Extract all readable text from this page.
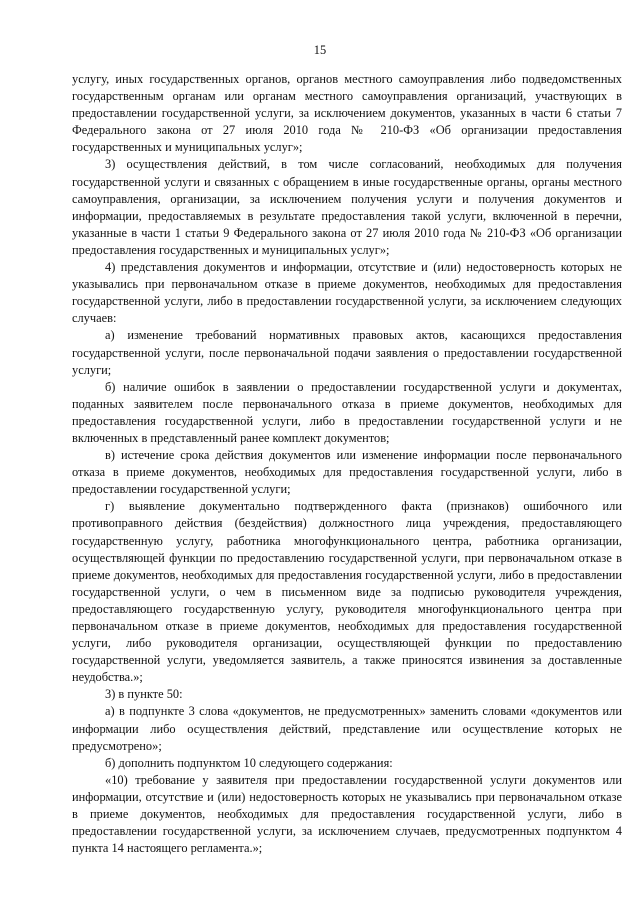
15

услугу, иных государственных органов, органов местного самоуправления либо подведомственных государственным органам или органам местного самоуправления организаций, участвующих в предоставлении государственной услуги, за исключением документов, указанных в части 6 статьи 7 Федерального закона от 27 июля 2010 года № 210-ФЗ «Об организации предоставления государственных и муниципальных услуг»;

3) осуществления действий, в том числе согласований, необходимых для получения государственной услуги и связанных с обращением в иные государственные органы, органы местного самоуправления, организации, за исключением получения услуги и получения документов и информации, предоставляемых в результате предоставления такой услуги, включенной в перечни, указанные в части 1 статьи 9 Федерального закона от 27 июля 2010 года № 210-ФЗ «Об организации предоставления государственных и муниципальных услуг»;

4) представления документов и информации, отсутствие и (или) недостоверность которых не указывались при первоначальном отказе в приеме документов, необходимых для предоставления государственной услуги, либо в предоставлении государственной услуги, за исключением следующих случаев:

а) изменение требований нормативных правовых актов, касающихся предоставления государственной услуги, после первоначальной подачи заявления о предоставлении государственной услуги;

б) наличие ошибок в заявлении о предоставлении государственной услуги и документах, поданных заявителем после первоначального отказа в приеме документов, необходимых для предоставления государственной услуги, либо в предоставлении государственной услуги и не включенных в представленный ранее комплект документов;

в) истечение срока действия документов или изменение информации после первоначального отказа в приеме документов, необходимых для предоставления государственной услуги, либо в предоставлении государственной услуги;

г) выявление документально подтвержденного факта (признаков) ошибочного или противоправного действия (бездействия) должностного лица учреждения, предоставляющего государственную услугу, работника многофункционального центра, работника организации, осуществляющей функции по предоставлению государственной услуги, при первоначальном отказе в приеме документов, необходимых для предоставления государственной услуги, либо в предоставлении государственной услуги, о чем в письменном виде за подписью руководителя учреждения, предоставляющего государственную услугу, руководителя многофункционального центра при первоначальном отказе в приеме документов, необходимых для предоставления государственной услуги, либо руководителя организации, осуществляющей функции по предоставлению государственной услуги, уведомляется заявитель, а также приносятся извинения за доставленные неудобства.»;

3) в пункте 50:

а) в подпункте 3 слова «документов, не предусмотренных» заменить словами «документов или информации либо осуществления действий, представление или осуществление которых не предусмотрено»;

б) дополнить подпунктом 10 следующего содержания:

«10) требование у заявителя при предоставлении государственной услуги документов или информации, отсутствие и (или) недостоверность которых не указывались при первоначальном отказе в приеме документов, необходимых для предоставления государственной услуги, либо в предоставлении государственной услуги, за исключением случаев, предусмотренных подпунктом 4 пункта 14 настоящего регламента.»;
